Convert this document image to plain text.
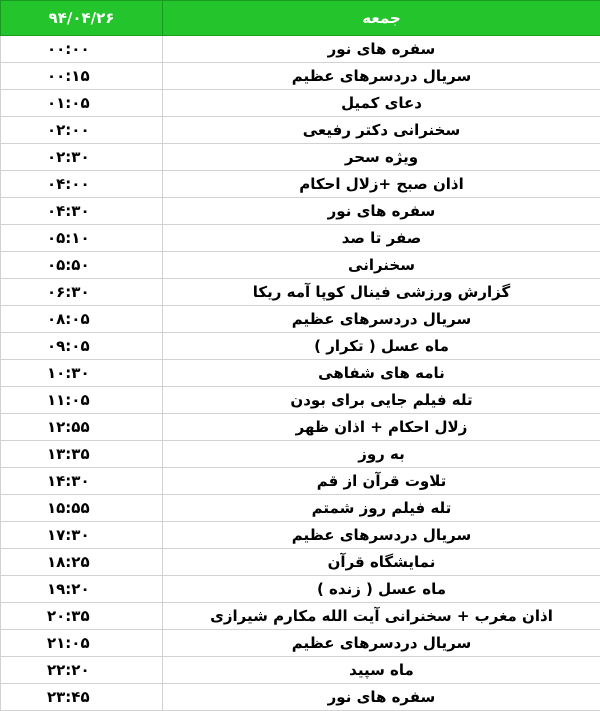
۹۴/۰۴/۲۶	جمعه
۰۰:۰۰	سفره های نور
۰۰:۱۵	سریال دردسرهای عظیم
۰۱:۰۵	دعای کمیل
۰۲:۰۰	سخنرانی دکتر رفیعی
۰۲:۳۰	ویژه سحر
۰۴:۰۰	اذان صبح +زلال احکام
۰۴:۳۰	سفره های نور
۰۵:۱۰	صفر تا صد
۰۵:۵۰	سخنرانی
۰۶:۳۰	گزارش ورزشی فینال کوپا آمه ریکا
۰۸:۰۵	سریال دردسرهای عظیم
۰۹:۰۵	ماه عسل ( تکرار )
۱۰:۳۰	نامه های شفاهی
۱۱:۰۵	تله فیلم جایی برای بودن
۱۲:۵۵	زلال احکام + اذان ظهر
۱۳:۳۵	به روز
۱۴:۳۰	تلاوت قرآن از قم
۱۵:۵۵	تله فیلم روز شمتم
۱۷:۳۰	سریال دردسرهای عظیم
۱۸:۲۵	نمایشگاه قرآن
۱۹:۲۰	ماه عسل ( زنده )
۲۰:۳۵	اذان مغرب + سخنرانی آیت الله مکارم شیرازی
۲۱:۰۵	سریال دردسرهای عظیم
۲۲:۲۰	ماه سپید
۲۳:۴۵	سفره های نور
